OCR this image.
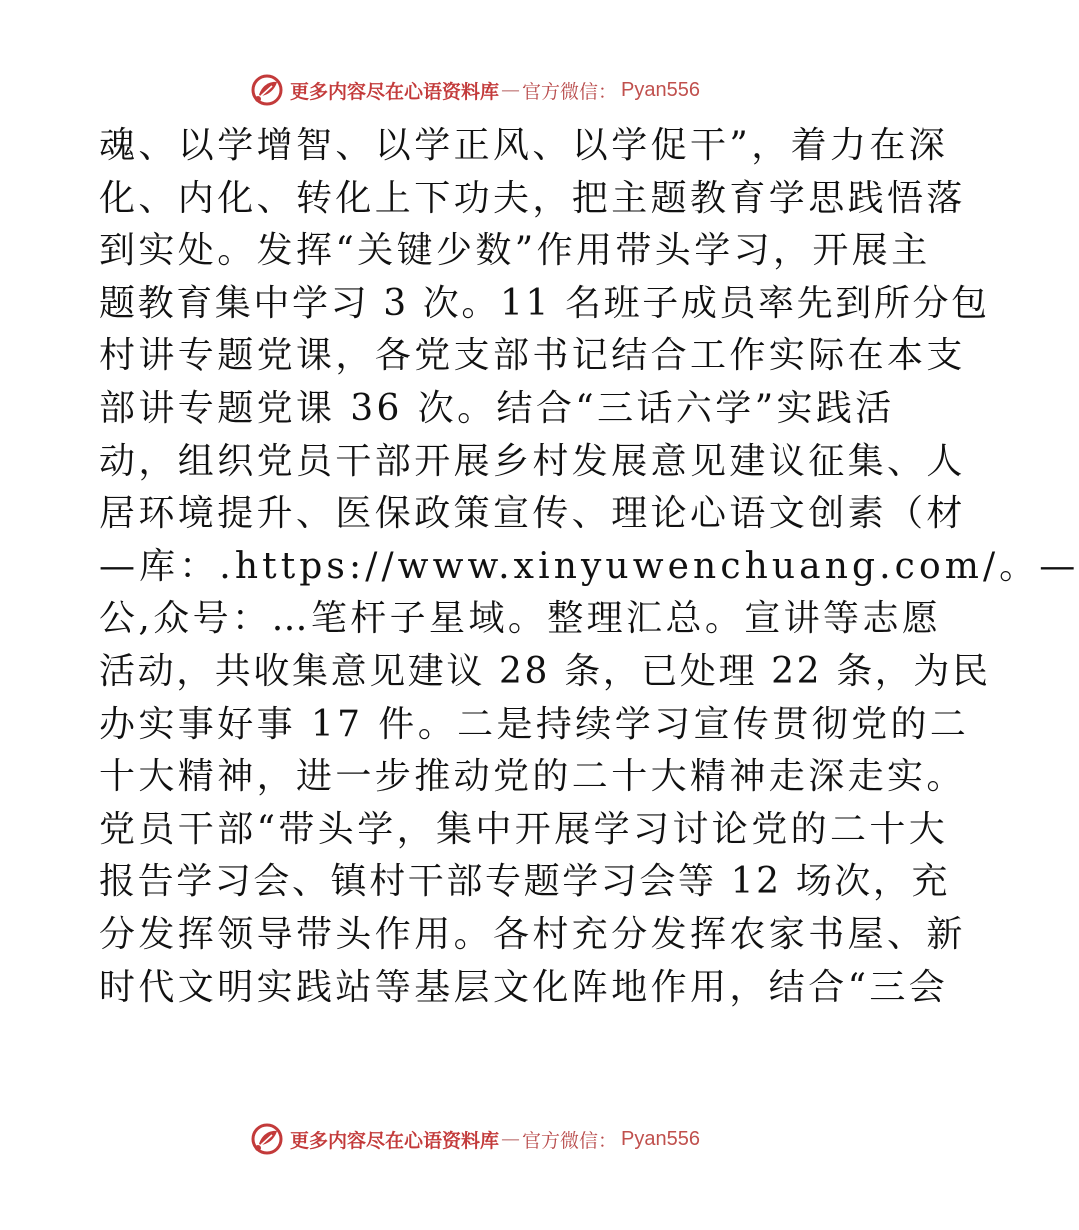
更多内容尽在心语资料库 — 官方微信 ： Pyan556
魂、以学增智、以学正风、以学促干”，着力在深
化、内化、转化上下功夫，把主题教育学思践悟落
到实处。发挥“关键少数”作用带头学习，开展主
题教育集中学习 3 次。11 名班子成员率先到所分包
村讲专题党课，各党支部书记结合工作实际在本支
部讲专题党课 36 次。结合“三话六学”实践活
动，组织党员干部开展乡村发展意见建议征集、人
居环境提升、医保政策宣传、理论心语文创素（材
—库：.https://www.xinyuwenchuang.com/。—
公,众号：…笔杆子星域。整理汇总。宣讲等志愿
活动，共收集意见建议 28 条，已处理 22 条，为民
办实事好事 17 件。二是持续学习宣传贯彻党的二
十大精神，进一步推动党的二十大精神走深走实。
党员干部“带头学，集中开展学习讨论党的二十大
报告学习会、镇村干部专题学习会等 12 场次，充
分发挥领导带头作用。各村充分发挥农家书屋、新
时代文明实践站等基层文化阵地作用，结合“三会
更多内容尽在心语资料库 — 官方微信 ： Pyan556
